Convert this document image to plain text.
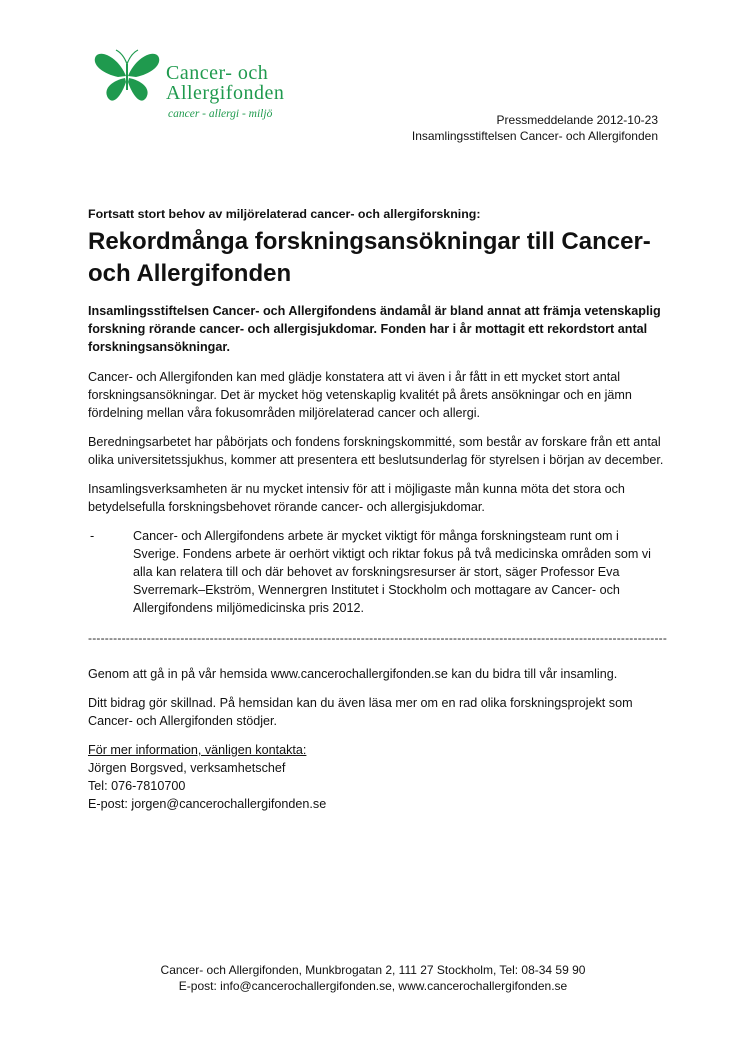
Cancer- och
Allergifonden
cancer - allergi - miljö	Pressmeddelande 2012-10-23
Insamlingsstiftelsen Cancer- och Allergifonden
Fortsatt stort behov av miljörelaterad cancer- och allergiforskning:
Rekordmånga forskningsansökningar till Cancer- och Allergifonden
Insamlingsstiftelsen Cancer- och Allergifondens ändamål är bland annat att främja vetenskaplig forskning rörande cancer- och allergisjukdomar. Fonden har i år mottagit ett rekordstort antal forskningsansökningar.
Cancer- och Allergifonden kan med glädje konstatera att vi även i år fått in ett mycket stort antal forskningsansökningar. Det är mycket hög vetenskaplig kvalitét på årets ansökningar och en jämn fördelning mellan våra fokusområden miljörelaterad cancer och allergi.
Beredningsarbetet har påbörjats och fondens forskningskommitté, som består av forskare från ett antal olika universitetssjukhus, kommer att presentera ett beslutsunderlag för styrelsen i början av december.
Insamlingsverksamheten är nu mycket intensiv för att i möjligaste mån kunna möta det stora och betydelsefulla forskningsbehovet rörande cancer- och allergisjukdomar.
-	Cancer- och Allergifondens arbete är mycket viktigt för många forskningsteam runt om i Sverige. Fondens arbete är oerhört viktigt och riktar fokus på två medicinska områden som vi alla kan relatera till och där behovet av forskningsresurser är stort, säger Professor Eva Sverremark–Ekström, Wennergren Institutet i Stockholm och mottagare av Cancer- och Allergifondens miljömedicinska pris 2012.
------------------------------------------------------------------------------------------------------------------------------------------
Genom att gå in på vår hemsida www.cancerochallergifonden.se kan du bidra till vår insamling.
Ditt bidrag gör skillnad. På hemsidan kan du även läsa mer om en rad olika forskningsprojekt som Cancer- och Allergifonden stödjer.
För mer information, vänligen kontakta:
Jörgen Borgsved, verksamhetschef
Tel: 076-7810700
E-post: jorgen@cancerochallergifonden.se
Cancer- och Allergifonden, Munkbrogatan 2, 111 27 Stockholm, Tel: 08-34 59 90
E-post: info@cancerochallergifonden.se, www.cancerochallergifonden.se
